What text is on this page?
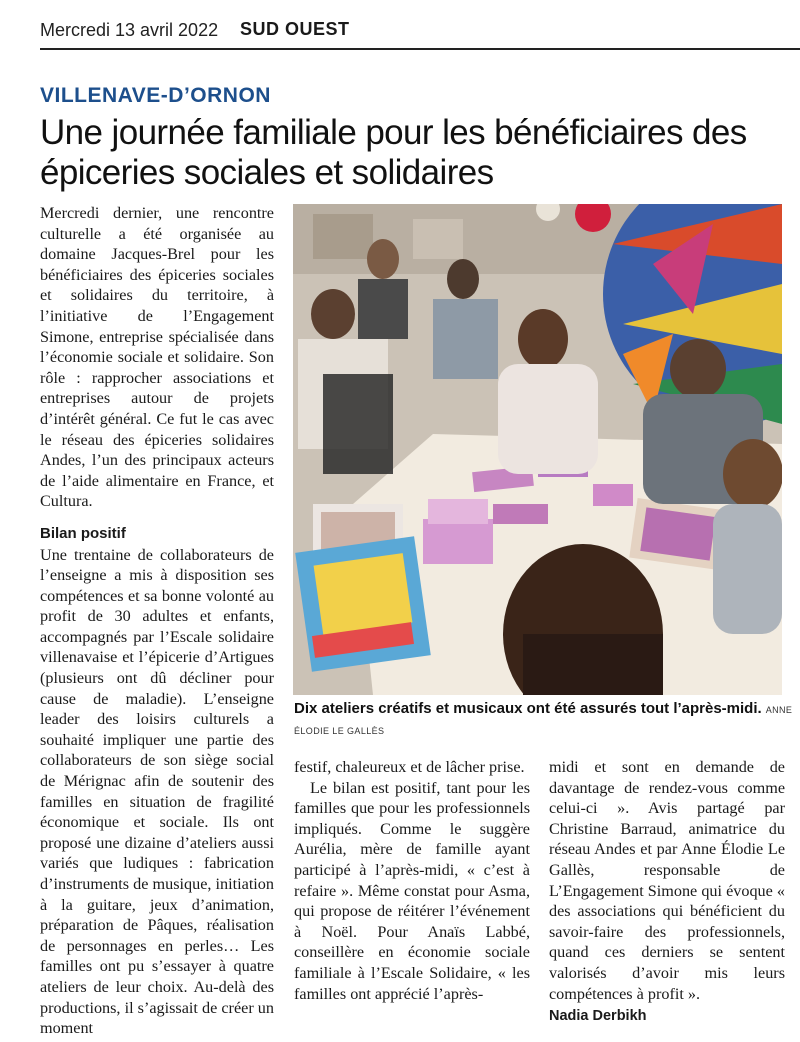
Mercredi 13 avril 2022 SUD OUEST
VILLENAVE-D’ORNON
Une journée familiale pour les bénéficiaires des épiceries sociales et solidaires

Mercredi dernier, une rencontre culturelle a été organisée au domaine Jacques-Brel pour les bénéficiaires des épiceries sociales et solidaires du territoire, à l’initiative de l’Engagement Simone, entreprise spécialisée dans l’économie sociale et solidaire. Son rôle : rapprocher associations et entreprises autour de projets d’intérêt général. Ce fut le cas avec le réseau des épiceries solidaires Andes, l’un des principaux acteurs de l’aide alimentaire en France, et Cultura.

Bilan positif

Une trentaine de collaborateurs de l’enseigne a mis à disposition ses compétences et sa bonne volonté au profit de 30 adultes et enfants, accompagnés par l’Escale solidaire villenavaise et l’épicerie d’Artigues (plusieurs ont dû décliner pour cause de maladie). L’enseigne leader des loisirs culturels a souhaité impliquer une partie des collaborateurs de son siège social de Mérignac afin de soutenir des familles en situation de fragilité économique et sociale. Ils ont proposé une dizaine d’ateliers aussi variés que ludiques : fabrication d’instruments de musique, initiation à la guitare, jeux d’animation, préparation de Pâques, réalisation de personnages en perles… Les familles ont pu s’essayer à quatre ateliers de leur choix. Au-delà des productions, il s’agissait de créer un moment

Dix ateliers créatifs et musicaux ont été assurés tout l’après-midi. ANNE ÉLODIE LE GALLÈS

festif, chaleureux et de lâcher prise.

Le bilan est positif, tant pour les familles que pour les professionnels impliqués. Comme le suggère Aurélia, mère de famille ayant participé à l’après-midi, « c’est à refaire ». Même constat pour Asma, qui propose de réitérer l’événement à Noël. Pour Anaïs Labbé, conseillère en économie sociale familiale à l’Escale Solidaire, « les familles ont apprécié l’après-

midi et sont en demande de davantage de rendez-vous comme celui-ci ». Avis partagé par Christine Barraud, animatrice du réseau Andes et par Anne Élodie Le Gallès, responsable de L’Engagement Simone qui évoque « des associations qui bénéficient du savoir-faire des professionnels, quand ces derniers se sentent valorisés d’avoir mis leurs compétences à profit ».

Nadia Derbikh
